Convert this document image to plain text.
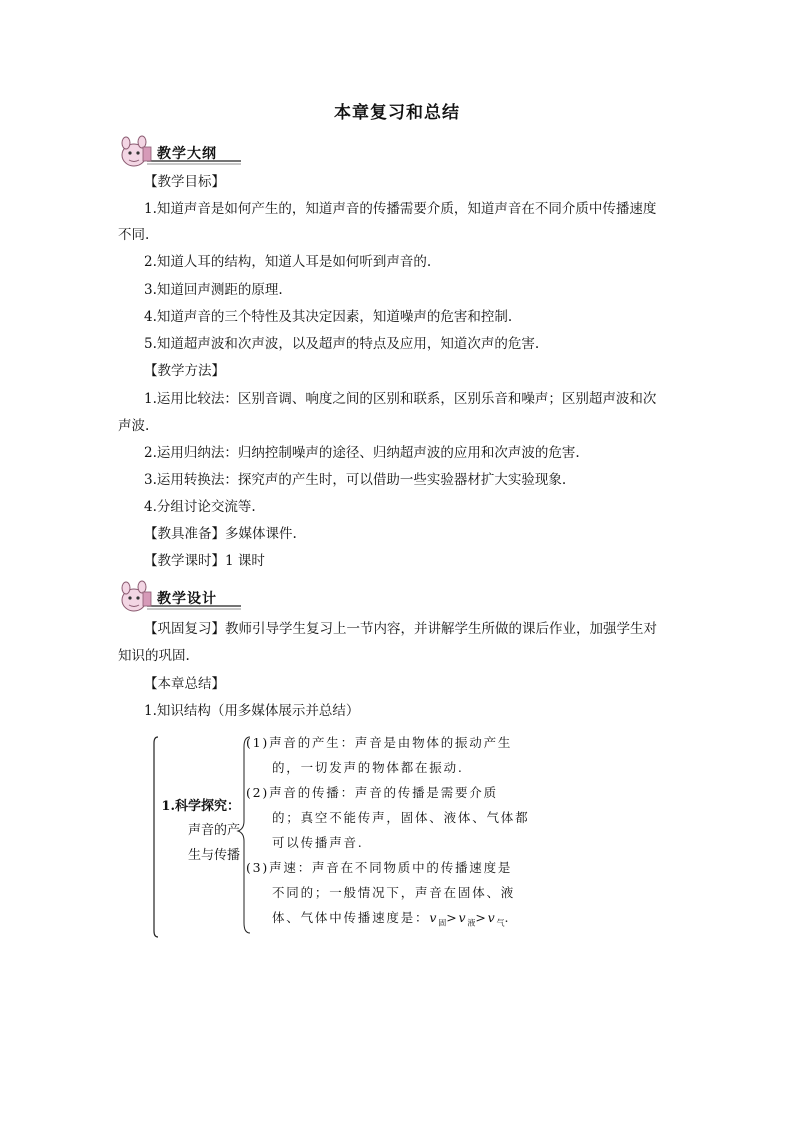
本章复习和总结
教学大纲
【教学目标】
1.知道声音是如何产生的，知道声音的传播需要介质，知道声音在不同介质中传播速度
不同.
2.知道人耳的结构，知道人耳是如何听到声音的.
3.知道回声测距的原理.
4.知道声音的三个特性及其决定因素，知道噪声的危害和控制.
5.知道超声波和次声波，以及超声的特点及应用，知道次声的危害.
【教学方法】
1.运用比较法：区别音调、响度之间的区别和联系，区别乐音和噪声；区别超声波和次
声波.
2.运用归纳法：归纳控制噪声的途径、归纳超声波的应用和次声波的危害.
3.运用转换法：探究声的产生时，可以借助一些实验器材扩大实验现象.
4.分组讨论交流等.
【教具准备】多媒体课件.
【教学课时】1 课时
教学设计
【巩固复习】教师引导学生复习上一节内容，并讲解学生所做的课后作业，加强学生对
知识的巩固.
【本章总结】
1.知识结构（用多媒体展示并总结）
1.科学探究：
声音的产
生与传播
(1)声音的产生：声音是由物体的振动产生
的，一切发声的物体都在振动.
(2)声音的传播：声音的传播是需要介质
的；真空不能传声，固体、液体、气体都
可以传播声音.
(3)声速：声音在不同物质中的传播速度是
不同的；一般情况下，声音在固体、液
体、气体中传播速度是：$v_固>v_液>v_气$.
